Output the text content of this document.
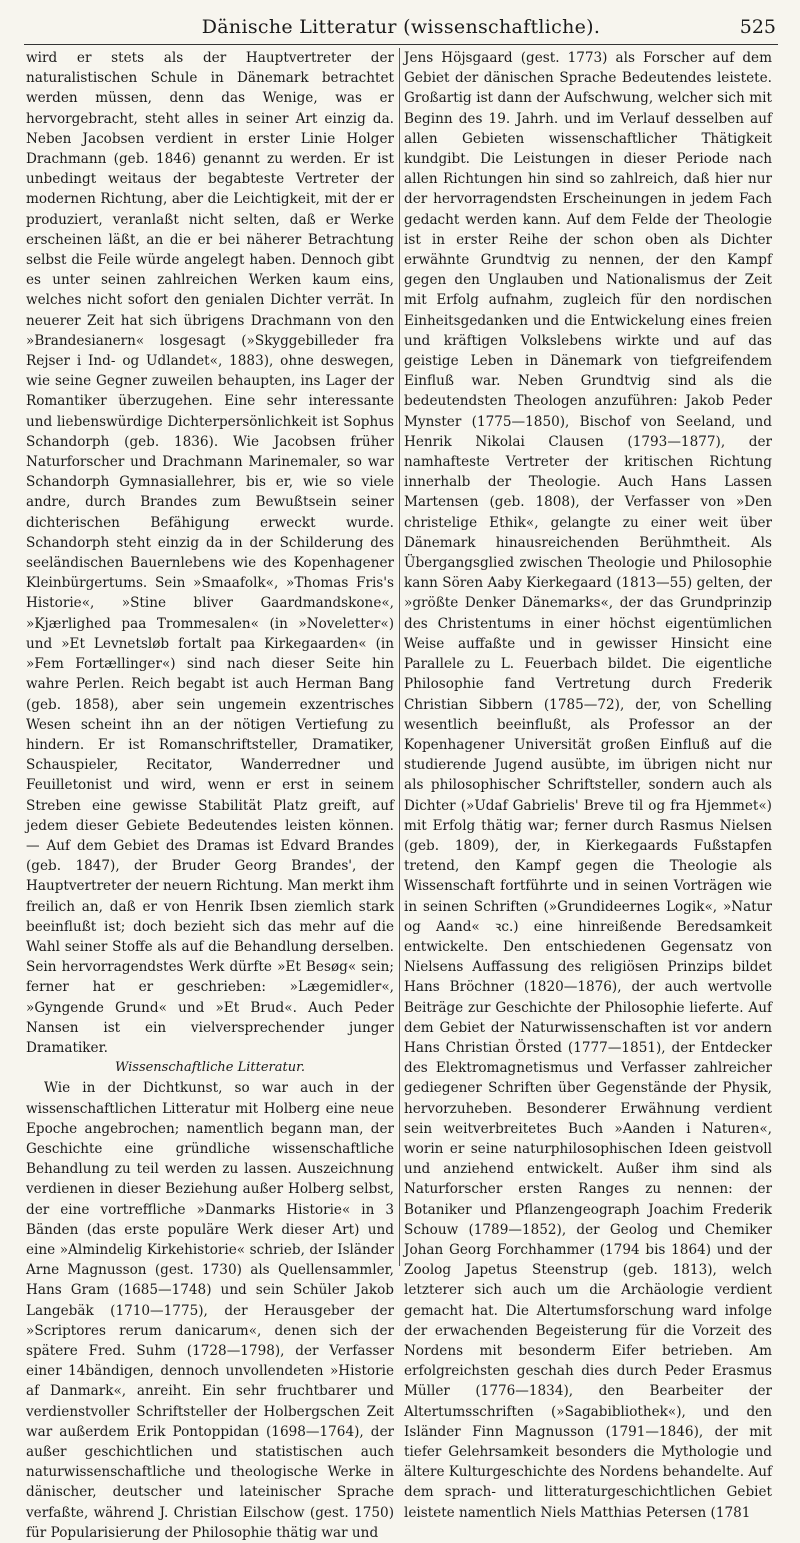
Dänische Litteratur (wissenschaftliche).	525

wird er stets als der Hauptvertreter der naturalistischen Schule in Dänemark betrachtet werden müssen, denn das Wenige, was er hervorgebracht, steht alles in seiner Art einzig da. Neben Jacobsen verdient in erster Linie Holger Drachmann (geb. 1846) genannt zu werden. Er ist unbedingt weitaus der begabteste Vertreter der modernen Richtung, aber die Leichtigkeit, mit der er produziert, veranlaßt nicht selten, daß er Werke erscheinen läßt, an die er bei näherer Betrachtung selbst die Feile würde angelegt haben. Dennoch gibt es unter seinen zahlreichen Werken kaum eins, welches nicht sofort den genialen Dichter verrät. In neuerer Zeit hat sich übrigens Drachmann von den »Brandesianern« losgesagt (»Skyggebilleder fra Rejser i Ind- og Udlandet«, 1883), ohne deswegen, wie seine Gegner zuweilen behaupten, ins Lager der Romantiker überzugehen. Eine sehr interessante und liebenswürdige Dichterpersönlichkeit ist Sophus Schandorph (geb. 1836). Wie Jacobsen früher Naturforscher und Drachmann Marinemaler, so war Schandorph Gymnasiallehrer, bis er, wie so viele andre, durch Brandes zum Bewußtsein seiner dichterischen Befähigung erweckt wurde. Schandorph steht einzig da in der Schilderung des seeländischen Bauernlebens wie des Kopenhagener Kleinbürgertums. Sein »Smaafolk«, »Thomas Fris's Historie«, »Stine bliver Gaardmandskone«, »Kjærlighed paa Trommesalen« (in »Noveletter«) und »Et Levnetsløb fortalt paa Kirkegaarden« (in »Fem Fortællinger«) sind nach dieser Seite hin wahre Perlen. Reich begabt ist auch Herman Bang (geb. 1858), aber sein ungemein exzentrisches Wesen scheint ihn an der nötigen Vertiefung zu hindern. Er ist Romanschriftsteller, Dramatiker, Schauspieler, Recitator, Wanderredner und Feuilletonist und wird, wenn er erst in seinem Streben eine gewisse Stabilität Platz greift, auf jedem dieser Gebiete Bedeutendes leisten können. — Auf dem Gebiet des Dramas ist Edvard Brandes (geb. 1847), der Bruder Georg Brandes', der Hauptvertreter der neuern Richtung. Man merkt ihm freilich an, daß er von Henrik Ibsen ziemlich stark beeinflußt ist; doch bezieht sich das mehr auf die Wahl seiner Stoffe als auf die Behandlung derselben. Sein hervorragendstes Werk dürfte »Et Besøg« sein; ferner hat er geschrieben: »Lægemidler«, »Gyngende Grund« und »Et Brud«. Auch Peder Nansen ist ein vielversprechender junger Dramatiker.

Wissenschaftliche Litteratur.

Wie in der Dichtkunst, so war auch in der wissenschaftlichen Litteratur mit Holberg eine neue Epoche angebrochen; namentlich begann man, der Geschichte eine gründliche wissenschaftliche Behandlung zu teil werden zu lassen. Auszeichnung verdienen in dieser Beziehung außer Holberg selbst, der eine vortreffliche »Danmarks Historie« in 3 Bänden (das erste populäre Werk dieser Art) und eine »Almindelig Kirkehistorie« schrieb, der Isländer Arne Magnusson (gest. 1730) als Quellensammler, Hans Gram (1685—1748) und sein Schüler Jakob Langebäk (1710—1775), der Herausgeber der »Scriptores rerum danicarum«, denen sich der spätere Fred. Suhm (1728—1798), der Verfasser einer 14bändigen, dennoch unvollendeten »Historie af Danmark«, anreiht. Ein sehr fruchtbarer und verdienstvoller Schriftsteller der Holbergschen Zeit war außerdem Erik Pontoppidan (1698—1764), der außer geschichtlichen und statistischen auch naturwissenschaftliche und theologische Werke in dänischer, deutscher und lateinischer Sprache verfaßte, während J. Christian Eilschow (gest. 1750) für Popularisierung der Philosophie thätig war und

Jens Höjsgaard (gest. 1773) als Forscher auf dem Gebiet der dänischen Sprache Bedeutendes leistete. Großartig ist dann der Aufschwung, welcher sich mit Beginn des 19. Jahrh. und im Verlauf desselben auf allen Gebieten wissenschaftlicher Thätigkeit kundgibt. Die Leistungen in dieser Periode nach allen Richtungen hin sind so zahlreich, daß hier nur der hervorragendsten Erscheinungen in jedem Fach gedacht werden kann. Auf dem Felde der Theologie ist in erster Reihe der schon oben als Dichter erwähnte Grundtvig zu nennen, der den Kampf gegen den Unglauben und Nationalismus der Zeit mit Erfolg aufnahm, zugleich für den nordischen Einheitsgedanken und die Entwickelung eines freien und kräftigen Volkslebens wirkte und auf das geistige Leben in Dänemark von tiefgreifendem Einfluß war. Neben Grundtvig sind als die bedeutendsten Theologen anzuführen: Jakob Peder Mynster (1775—1850), Bischof von Seeland, und Henrik Nikolai Clausen (1793—1877), der namhafteste Vertreter der kritischen Richtung innerhalb der Theologie. Auch Hans Lassen Martensen (geb. 1808), der Verfasser von »Den christelige Ethik«, gelangte zu einer weit über Dänemark hinausreichenden Berühmtheit. Als Übergangsglied zwischen Theologie und Philosophie kann Sören Aaby Kierkegaard (1813—55) gelten, der »größte Denker Dänemarks«, der das Grundprinzip des Christentums in einer höchst eigentümlichen Weise auffaßte und in gewisser Hinsicht eine Parallele zu L. Feuerbach bildet. Die eigentliche Philosophie fand Vertretung durch Frederik Christian Sibbern (1785—72), der, von Schelling wesentlich beeinflußt, als Professor an der Kopenhagener Universität großen Einfluß auf die studierende Jugend ausübte, im übrigen nicht nur als philosophischer Schriftsteller, sondern auch als Dichter (»Udaf Gabrielis' Breve til og fra Hjemmet«) mit Erfolg thätig war; ferner durch Rasmus Nielsen (geb. 1809), der, in Kierkegaards Fußstapfen tretend, den Kampf gegen die Theologie als Wissenschaft fortführte und in seinen Vorträgen wie in seinen Schriften (»Grundideernes Logik«, »Natur og Aand« ꝛc.) eine hinreißende Beredsamkeit entwickelte. Den entschiedenen Gegensatz von Nielsens Auffassung des religiösen Prinzips bildet Hans Bröchner (1820—1876), der auch wertvolle Beiträge zur Geschichte der Philosophie lieferte. Auf dem Gebiet der Naturwissenschaften ist vor andern Hans Christian Örsted (1777—1851), der Entdecker des Elektromagnetismus und Verfasser zahlreicher gediegener Schriften über Gegenstände der Physik, hervorzuheben. Besonderer Erwähnung verdient sein weitverbreitetes Buch »Aanden i Naturen«, worin er seine naturphilosophischen Ideen geistvoll und anziehend entwickelt. Außer ihm sind als Naturforscher ersten Ranges zu nennen: der Botaniker und Pflanzengeograph Joachim Frederik Schouw (1789—1852), der Geolog und Chemiker Johan Georg Forchhammer (1794 bis 1864) und der Zoolog Japetus Steenstrup (geb. 1813), welch letzterer sich auch um die Archäologie verdient gemacht hat. Die Altertumsforschung ward infolge der erwachenden Begeisterung für die Vorzeit des Nordens mit besonderm Eifer betrieben. Am erfolgreichsten geschah dies durch Peder Erasmus Müller (1776—1834), den Bearbeiter der Altertumsschriften (»Sagabibliothek«), und den Isländer Finn Magnusson (1791—1846), der mit tiefer Gelehrsamkeit besonders die Mythologie und ältere Kulturgeschichte des Nordens behandelte. Auf dem sprach- und litteraturgeschichtlichen Gebiet leistete namentlich Niels Matthias Petersen (1781
